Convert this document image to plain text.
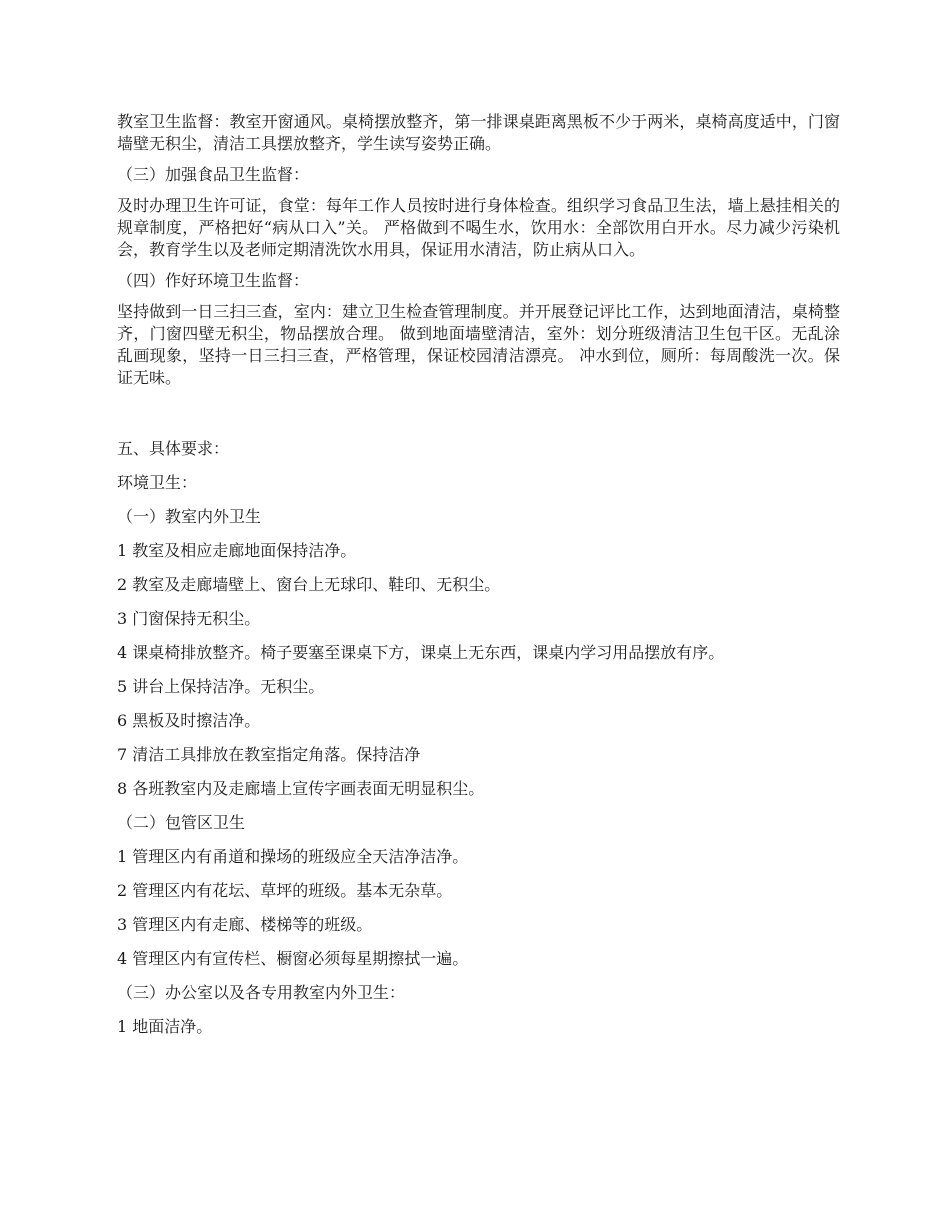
教室卫生监督：教室开窗通风。桌椅摆放整齐，第一排课桌距离黑板不少于两米，桌椅高度适中，门窗墙壁无积尘，清洁工具摆放整齐，学生读写姿势正确。

（三）加强食品卫生监督：

及时办理卫生许可证，食堂：每年工作人员按时进行身体检查。组织学习食品卫生法，墙上悬挂相关的规章制度，严格把好“病从口入”关。 严格做到不喝生水，饮用水：全部饮用白开水。尽力减少污染机会，教育学生以及老师定期清洗饮水用具，保证用水清洁，防止病从口入。

（四）作好环境卫生监督：

坚持做到一日三扫三查，室内：建立卫生检查管理制度。并开展登记评比工作，达到地面清洁，桌椅整齐，门窗四壁无积尘，物品摆放合理。 做到地面墙壁清洁，室外：划分班级清洁卫生包干区。无乱涂乱画现象，坚持一日三扫三查，严格管理，保证校园清洁漂亮。 冲水到位，厕所：每周酸洗一次。保证无味。

五、具体要求：

环境卫生：

（一）教室内外卫生

1 教室及相应走廊地面保持洁净。

2 教室及走廊墙壁上、窗台上无球印、鞋印、无积尘。

3 门窗保持无积尘。

4 课桌椅排放整齐。椅子要塞至课桌下方，课桌上无东西，课桌内学习用品摆放有序。

5 讲台上保持洁净。无积尘。

6 黑板及时擦洁净。

7 清洁工具排放在教室指定角落。保持洁净

8 各班教室内及走廊墙上宣传字画表面无明显积尘。

（二）包管区卫生

1 管理区内有甬道和操场的班级应全天洁净洁净。

2 管理区内有花坛、草坪的班级。基本无杂草。

3 管理区内有走廊、楼梯等的班级。

4 管理区内有宣传栏、橱窗必须每星期擦拭一遍。

（三）办公室以及各专用教室内外卫生：

1 地面洁净。
